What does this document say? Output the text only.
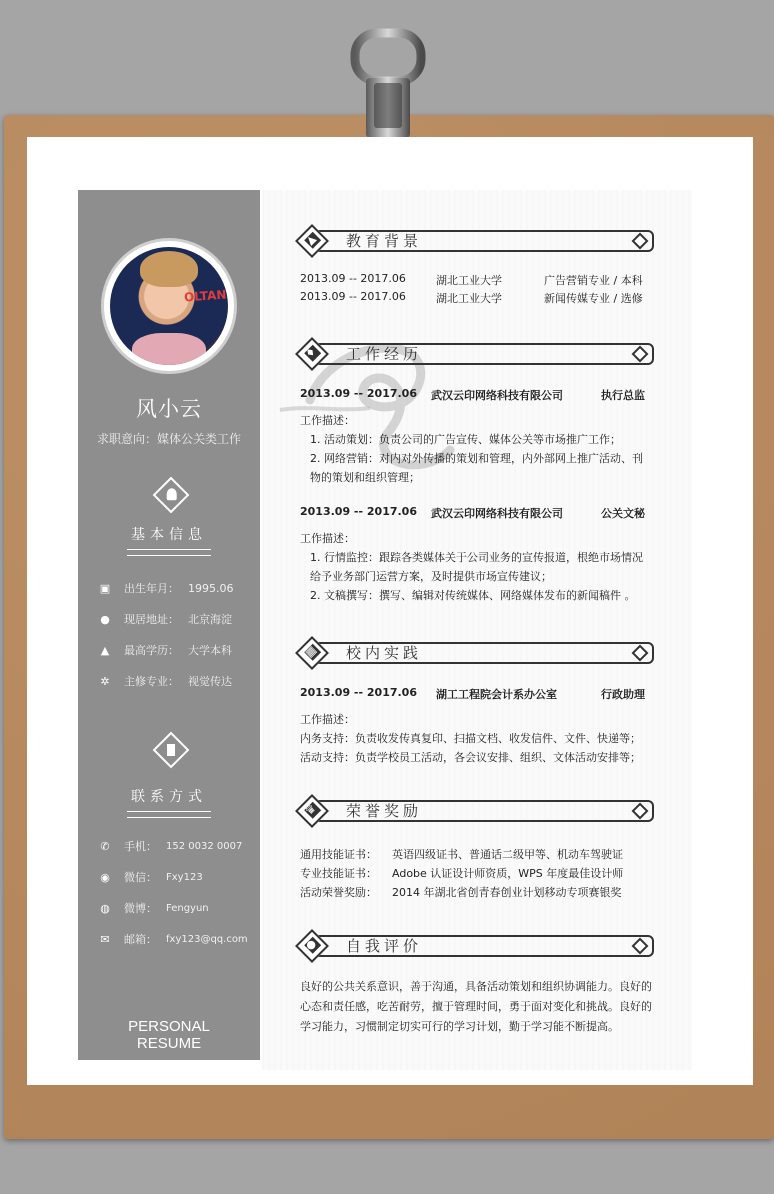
OLTAN
风小云
求职意向：媒体公关类工作
基本信息
▣ 出生年月： 1995.06
● 现居地址： 北京海淀
▲ 最高学历： 大学本科
✲ 主修专业： 视觉传达
联系方式
✆ 手机： 152 0032 0007
◉ 微信： Fxy123
◍ 微博： Fengyun
✉ 邮箱： fxy123@qq.com
PERSONAL
RESUME
▲	教育背景
2013.09 -- 2017.06	湖北工业大学	广告营销专业 / 本科
2013.09 -- 2017.06	湖北工业大学	新闻传媒专业 / 选修
♦	工作经历
2013.09 -- 2017.06 武汉云印网络科技有限公司	执行总监
工作描述：
1. 活动策划：负责公司的广告宣传、媒体公关等市场推广工作；
2. 网络营销：对内对外传播的策划和管理，内外部网上推广活动、刊
物的策划和组织管理；
2013.09 -- 2017.06 武汉云印网络科技有限公司	公关文秘
工作描述：
1. 行情监控：跟踪各类媒体关于公司业务的宣传报道，根绝市场情况
给予业务部门运营方案，及时提供市场宣传建议；
2. 文稿撰写：撰写、编辑对传统媒体、网络媒体发布的新闻稿件 。
▦	校内实践
2013.09 -- 2017.06 湖工工程院会计系办公室	行政助理
工作描述：
内务支持：负责收发传真复印、扫描文档、收发信件、文件、快递等；
活动支持：负责学校员工活动，各会议安排、组织、文体活动安排等；
♛	荣誉奖励
通用技能证书： 英语四级证书、普通话二级甲等、机动车驾驶证
专业技能证书： Adobe 认证设计师资质，WPS 年度最佳设计师
活动荣誉奖励： 2014 年湖北省创青春创业计划移动专项赛银奖
●	自我评价
良好的公共关系意识，善于沟通，具备活动策划和组织协调能力。良好的
心态和责任感，吃苦耐劳，擅于管理时间，勇于面对变化和挑战。良好的
学习能力，习惯制定切实可行的学习计划，勤于学习能不断提高。
